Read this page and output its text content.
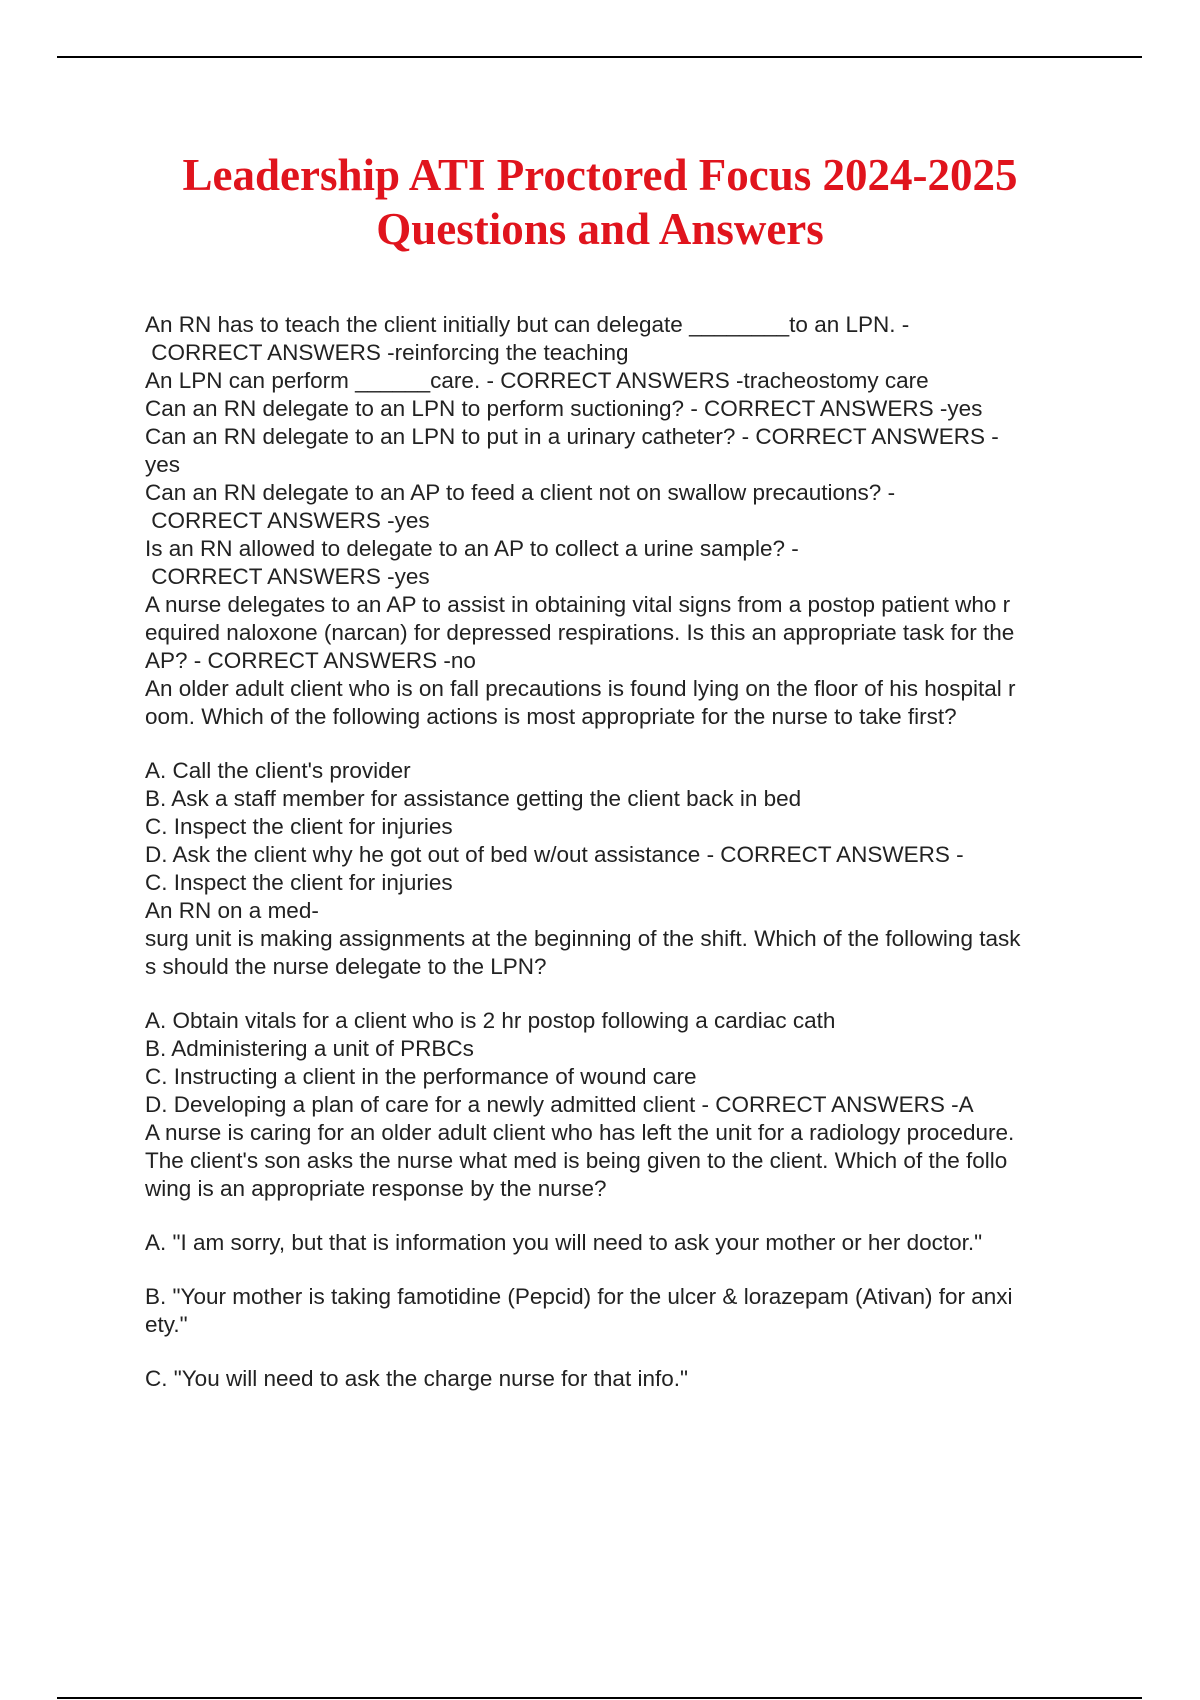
Leadership ATI Proctored Focus 2024-2025
Questions and Answers
An RN has to teach the client initially but can delegate ________to an LPN. -
CORRECT ANSWERS -reinforcing the teaching
An LPN can perform ______care. - CORRECT ANSWERS -tracheostomy care
Can an RN delegate to an LPN to perform suctioning? - CORRECT ANSWERS -yes
Can an RN delegate to an LPN to put in a urinary catheter? - CORRECT ANSWERS -
yes
Can an RN delegate to an AP to feed a client not on swallow precautions? -
CORRECT ANSWERS -yes
Is an RN allowed to delegate to an AP to collect a urine sample? -
CORRECT ANSWERS -yes
A nurse delegates to an AP to assist in obtaining vital signs from a postop patient who r
equired naloxone (narcan) for depressed respirations. Is this an appropriate task for the
AP? - CORRECT ANSWERS -no
An older adult client who is on fall precautions is found lying on the floor of his hospital r
oom. Which of the following actions is most appropriate for the nurse to take first?
A. Call the client's provider
B. Ask a staff member for assistance getting the client back in bed
C. Inspect the client for injuries
D. Ask the client why he got out of bed w/out assistance - CORRECT ANSWERS -
C. Inspect the client for injuries
An RN on a med-
surg unit is making assignments at the beginning of the shift. Which of the following task
s should the nurse delegate to the LPN?
A. Obtain vitals for a client who is 2 hr postop following a cardiac cath
B. Administering a unit of PRBCs
C. Instructing a client in the performance of wound care
D. Developing a plan of care for a newly admitted client - CORRECT ANSWERS -A
A nurse is caring for an older adult client who has left the unit for a radiology procedure.
The client's son asks the nurse what med is being given to the client. Which of the follo
wing is an appropriate response by the nurse?
A. "I am sorry, but that is information you will need to ask your mother or her doctor."
B. "Your mother is taking famotidine (Pepcid) for the ulcer & lorazepam (Ativan) for anxi
ety."
C. "You will need to ask the charge nurse for that info."
